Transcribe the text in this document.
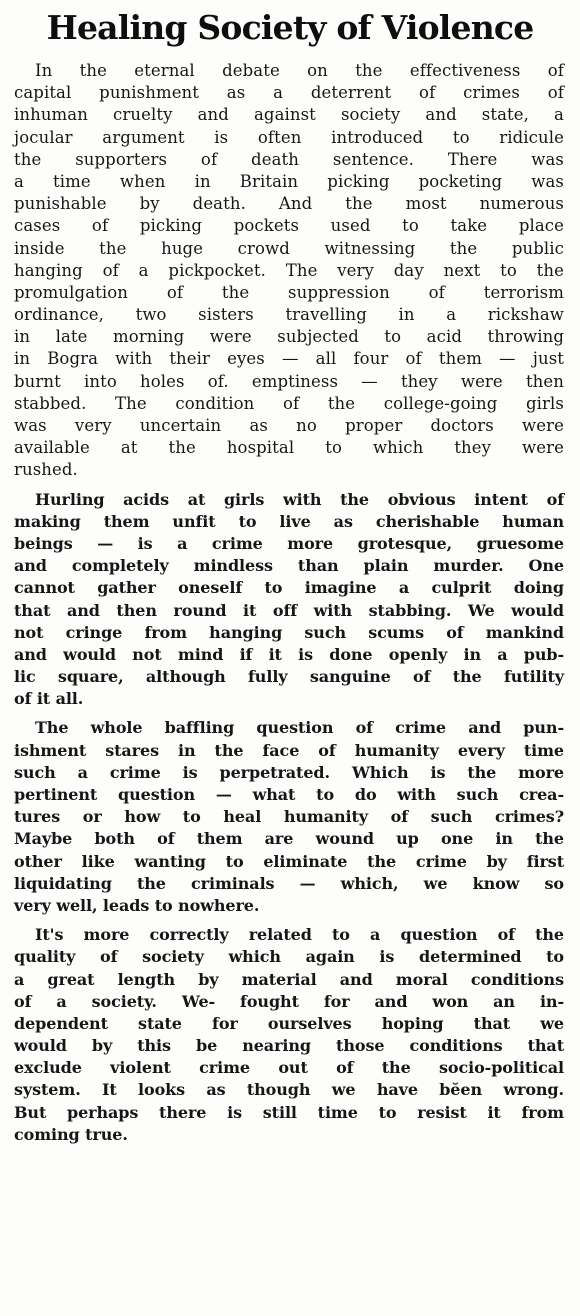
Healing Society of Violence
In the eternal debate on the effectiveness of
capital punishment as a deterrent of crimes of
inhuman cruelty and against society and state, a
jocular argument is often introduced to ridicule
the supporters of death sentence. There was
a time when in Britain picking pocketing was
punishable by death. And the most numerous
cases of picking pockets used to take place
inside the huge crowd witnessing the public
hanging of a pickpocket. The very day next to the
promulgation of the suppression of terrorism
ordinance, two sisters travelling in a rickshaw
in late morning were subjected to acid throwing
in Bogra with their eyes — all four of them — just
burnt into holes of. emptiness — they were then
stabbed. The condition of the college-going girls
was very uncertain as no proper doctors were
available at the hospital to which they were
rushed.
Hurling acids at girls with the obvious intent of
making them unfit to live as cherishable human
beings — is a crime more grotesque, gruesome
and completely mindless than plain murder. One
cannot gather oneself to imagine a culprit doing
that and then round it off with stabbing. We would
not cringe from hanging such scums of mankind
and would not mind if it is done openly in a pub-
lic square, although fully sanguine of the futility
of it all.
The whole baffling question of crime and pun-
ishment stares in the face of humanity every time
such a crime is perpetrated. Which is the more
pertinent question — what to do with such crea-
tures or how to heal humanity of such crimes?
Maybe both of them are wound up one in the
other like wanting to eliminate the crime by first
liquidating the criminals — which, we know so
very well, leads to nowhere.
It's more correctly related to a question of the
quality of society which again is determined to
a great length by material and moral conditions
of a society. We- fought for and won an in-
dependent state for ourselves hoping that we
would by this be nearing those conditions that
exclude violent crime out of the socio-political
system. It looks as though we have bĕen wrong.
But perhaps there is still time to resist it from
coming true.
